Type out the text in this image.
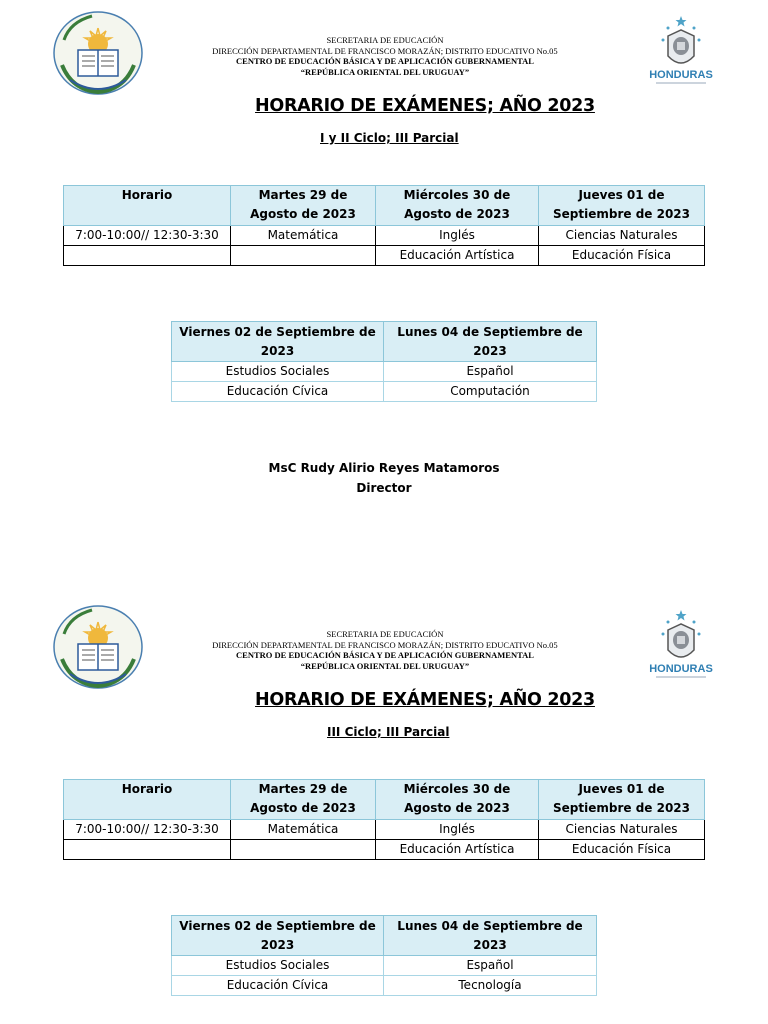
HONDURAS
SECRETARIA DE EDUCACIÓN
DIRECCIÓN DEPARTAMENTAL DE FRANCISCO MORAZÁN; DISTRITO EDUCATIVO No.05
CENTRO DE EDUCACIÓN BÁSICA Y DE APLICACIÓN GUBERNAMENTAL
“REPÚBLICA ORIENTAL DEL URUGUAY”
HORARIO DE EXÁMENES; AÑO 2023
I y II Ciclo; III Parcial
Horario	Martes 29 de Agosto de 2023	Miércoles 30 de Agosto de 2023	Jueves 01 de Septiembre de 2023
7:00-10:00// 12:30-3:30	Matemática	Inglés	Ciencias Naturales
		Educación Artística	Educación Física
Viernes 02 de Septiembre de 2023	Lunes 04 de Septiembre de 2023
Estudios Sociales	Español
Educación Cívica	Computación
MsC Rudy Alirio Reyes Matamoros
Director
HONDURAS
SECRETARIA DE EDUCACIÓN
DIRECCIÓN DEPARTAMENTAL DE FRANCISCO MORAZÁN; DISTRITO EDUCATIVO No.05
CENTRO DE EDUCACIÓN BÁSICA Y DE APLICACIÓN GUBERNAMENTAL
“REPÚBLICA ORIENTAL DEL URUGUAY”
HORARIO DE EXÁMENES; AÑO 2023
III Ciclo; III Parcial
Horario	Martes 29 de Agosto de 2023	Miércoles 30 de Agosto de 2023	Jueves 01 de Septiembre de 2023
7:00-10:00// 12:30-3:30	Matemática	Inglés	Ciencias Naturales
		Educación Artística	Educación Física
Viernes 02 de Septiembre de 2023	Lunes 04 de Septiembre de 2023
Estudios Sociales	Español
Educación Cívica	Tecnología
